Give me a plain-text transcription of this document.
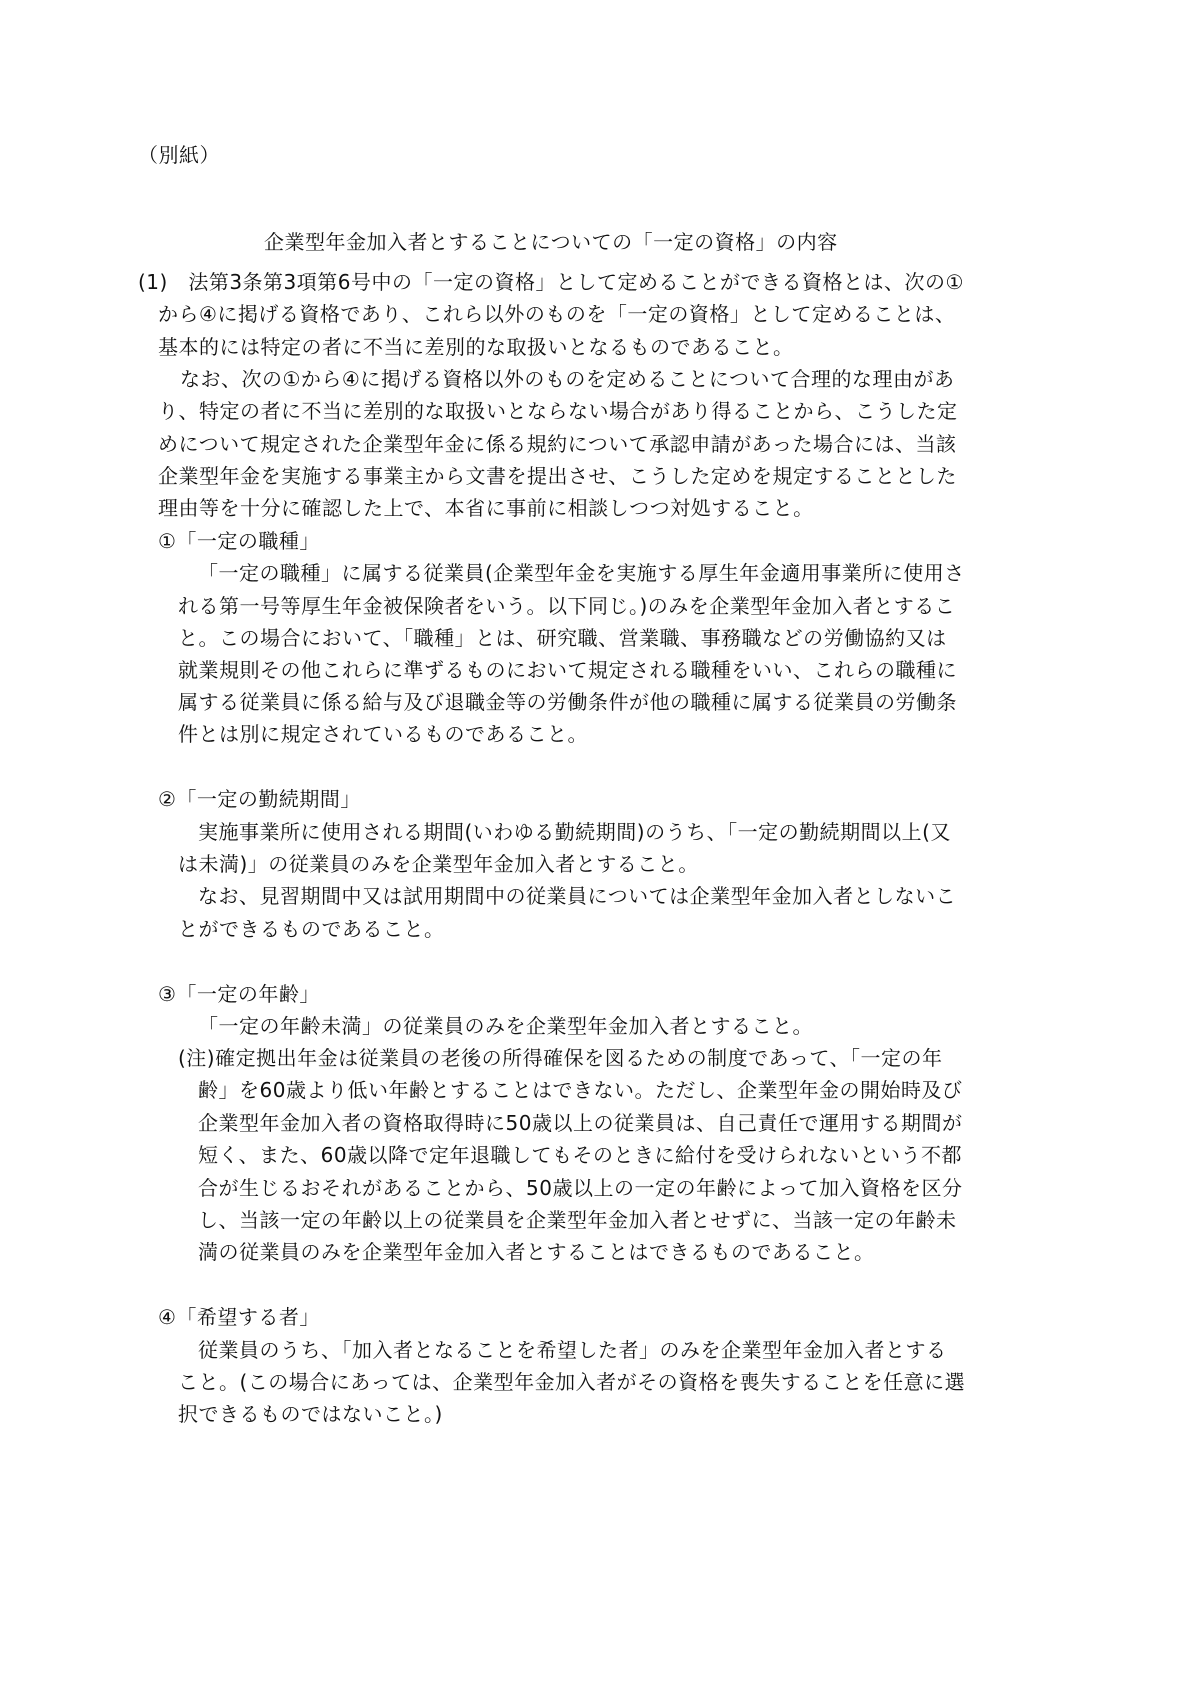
（別紙）
企業型年金加入者とすることについての「一定の資格」の内容
(1)　法第3条第3項第6号中の「一定の資格」として定めることができる資格とは、次の①
から④に掲げる資格であり、これら以外のものを「一定の資格」として定めることは、
基本的には特定の者に不当に差別的な取扱いとなるものであること。
なお、次の①から④に掲げる資格以外のものを定めることについて合理的な理由があ
り、特定の者に不当に差別的な取扱いとならない場合があり得ることから、こうした定
めについて規定された企業型年金に係る規約について承認申請があった場合には、当該
企業型年金を実施する事業主から文書を提出させ、こうした定めを規定することとした
理由等を十分に確認した上で、本省に事前に相談しつつ対処すること。
①「一定の職種」
「一定の職種」に属する従業員(企業型年金を実施する厚生年金適用事業所に使用さ
れる第一号等厚生年金被保険者をいう。以下同じ。)のみを企業型年金加入者とするこ
と。この場合において、「職種」とは、研究職、営業職、事務職などの労働協約又は
就業規則その他これらに準ずるものにおいて規定される職種をいい、これらの職種に
属する従業員に係る給与及び退職金等の労働条件が他の職種に属する従業員の労働条
件とは別に規定されているものであること。
②「一定の勤続期間」
実施事業所に使用される期間(いわゆる勤続期間)のうち、「一定の勤続期間以上(又
は未満)」の従業員のみを企業型年金加入者とすること。
なお、見習期間中又は試用期間中の従業員については企業型年金加入者としないこ
とができるものであること。
③「一定の年齢」
「一定の年齢未満」の従業員のみを企業型年金加入者とすること。
(注)確定拠出年金は従業員の老後の所得確保を図るための制度であって、「一定の年
齢」を60歳より低い年齢とすることはできない。ただし、企業型年金の開始時及び
企業型年金加入者の資格取得時に50歳以上の従業員は、自己責任で運用する期間が
短く、また、60歳以降で定年退職してもそのときに給付を受けられないという不都
合が生じるおそれがあることから、50歳以上の一定の年齢によって加入資格を区分
し、当該一定の年齢以上の従業員を企業型年金加入者とせずに、当該一定の年齢未
満の従業員のみを企業型年金加入者とすることはできるものであること。
④「希望する者」
従業員のうち、「加入者となることを希望した者」のみを企業型年金加入者とする
こと。(この場合にあっては、企業型年金加入者がその資格を喪失することを任意に選
択できるものではないこと。)
